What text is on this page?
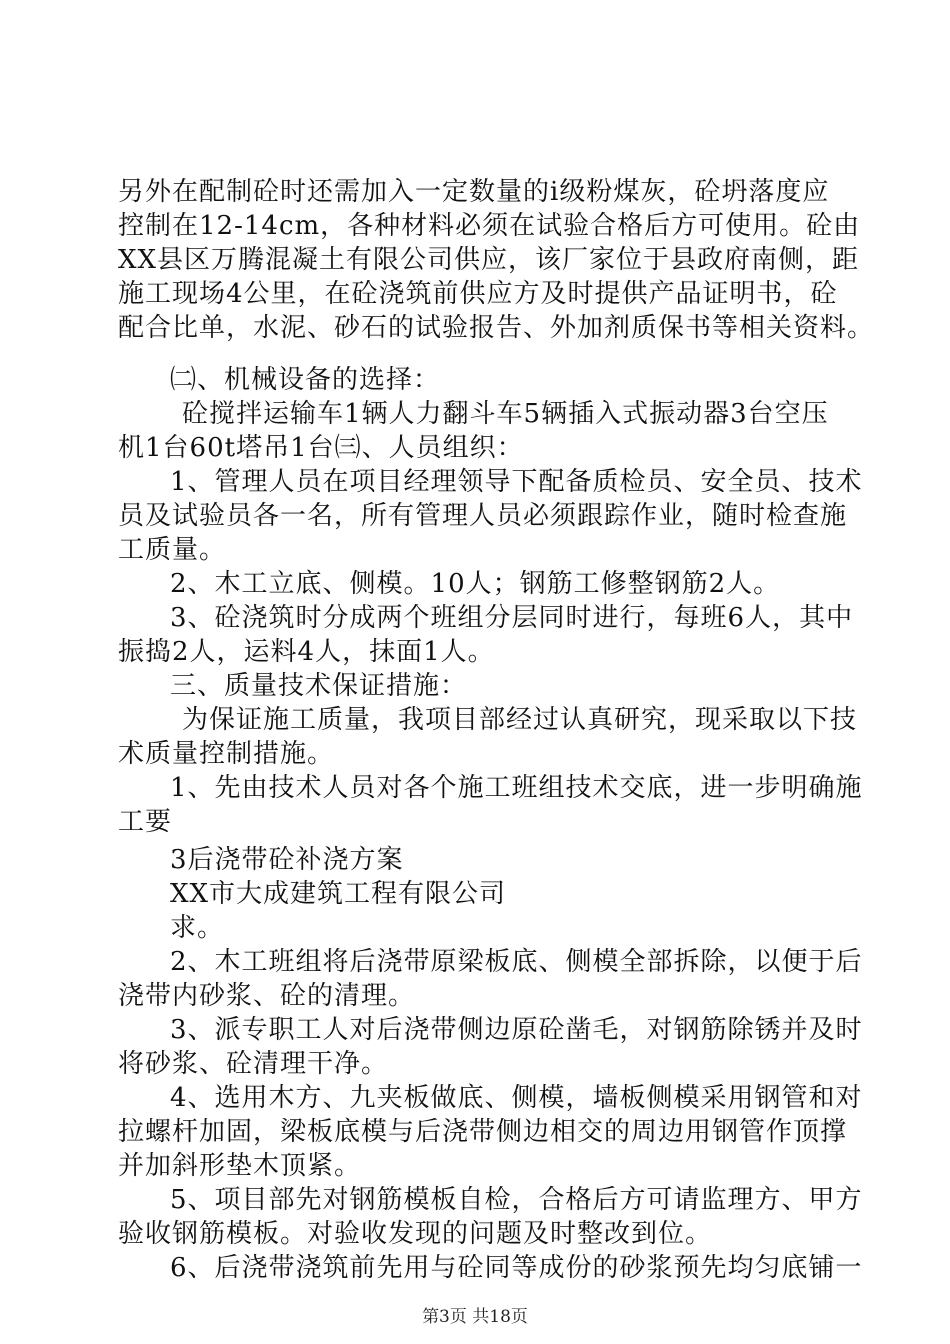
另外在配制砼时还需加入一定数量的ⅰ级粉煤灰，砼坍落度应
控制在12-14cm，各种材料必须在试验合格后方可使用。砼由
XX县区万腾混凝土有限公司供应，该厂家位于县政府南侧，距
施工现场4公里，在砼浇筑前供应方及时提供产品证明书，砼
配合比单，水泥、砂石的试验报告、外加剂质保书等相关资料。
㈡、机械设备的选择：
砼搅拌运输车1辆人力翻斗车5辆插入式振动器3台空压
机1台60t塔吊1台㈢、人员组织：
1、管理人员在项目经理领导下配备质检员、安全员、技术
员及试验员各一名，所有管理人员必须跟踪作业，随时检查施
工质量。
2、木工立底、侧模。10人；钢筋工修整钢筋2人。
3、砼浇筑时分成两个班组分层同时进行，每班6人，其中
振捣2人，运料4人，抹面1人。
三、质量技术保证措施：
为保证施工质量，我项目部经过认真研究，现采取以下技
术质量控制措施。
1、先由技术人员对各个施工班组技术交底，进一步明确施
工要
3后浇带砼补浇方案
XX市大成建筑工程有限公司
求。
2、木工班组将后浇带原梁板底、侧模全部拆除，以便于后
浇带内砂浆、砼的清理。
3、派专职工人对后浇带侧边原砼凿毛，对钢筋除锈并及时
将砂浆、砼清理干净。
4、选用木方、九夹板做底、侧模，墙板侧模采用钢管和对
拉螺杆加固，梁板底模与后浇带侧边相交的周边用钢管作顶撑
并加斜形垫木顶紧。
5、项目部先对钢筋模板自检，合格后方可请监理方、甲方
验收钢筋模板。对验收发现的问题及时整改到位。
6、后浇带浇筑前先用与砼同等成份的砂浆预先均匀底铺一
第3页 共18页
